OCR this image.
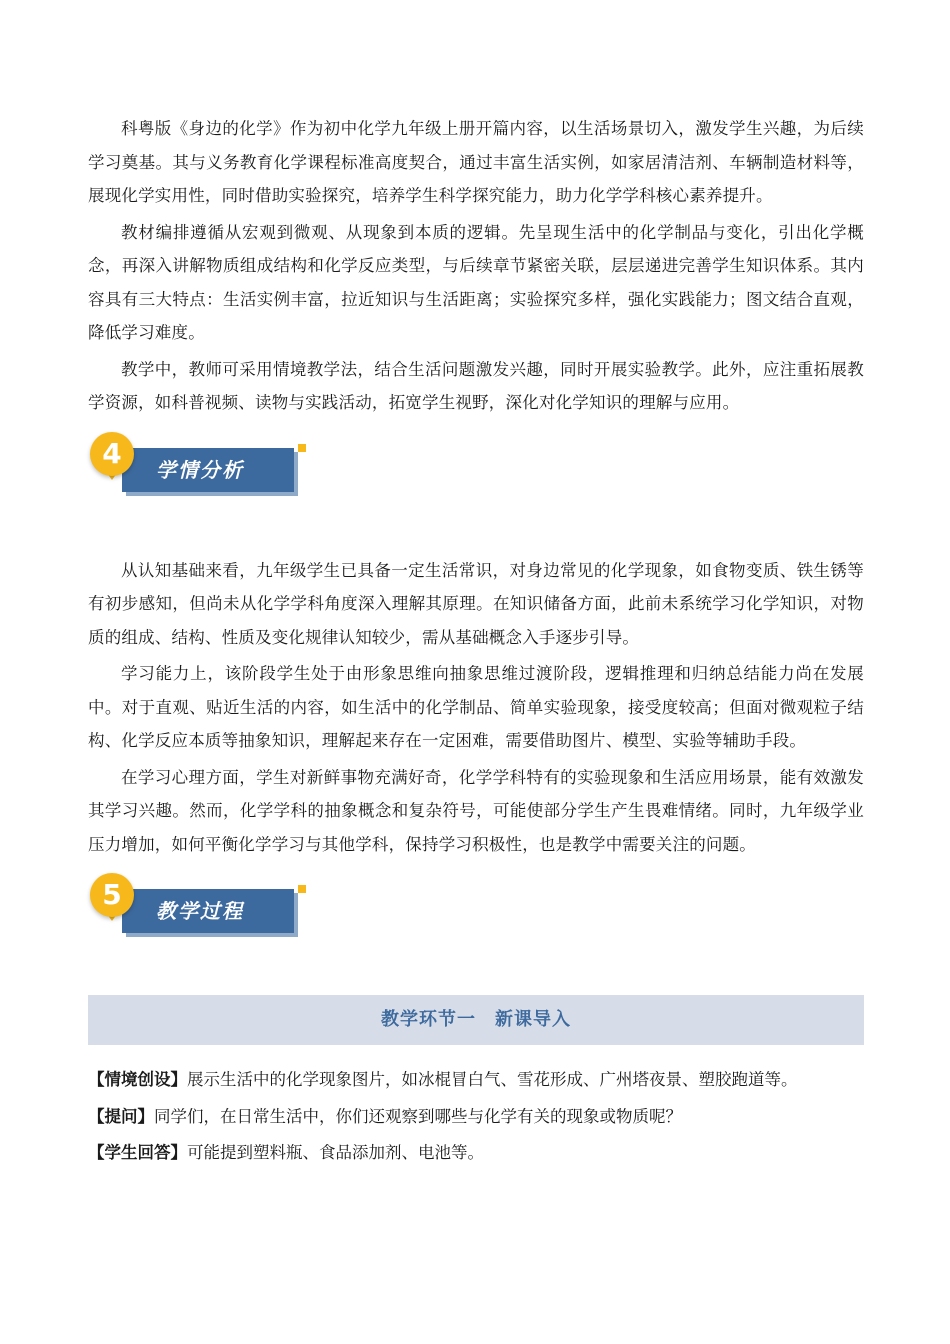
科粤版《身边的化学》作为初中化学九年级上册开篇内容，以生活场景切入，激发学生兴趣，为后续学习奠基。其与义务教育化学课程标准高度契合，通过丰富生活实例，如家居清洁剂、车辆制造材料等，展现化学实用性，同时借助实验探究，培养学生科学探究能力，助力化学学科核心素养提升。

教材编排遵循从宏观到微观、从现象到本质的逻辑。先呈现生活中的化学制品与变化，引出化学概念，再深入讲解物质组成结构和化学反应类型，与后续章节紧密关联，层层递进完善学生知识体系。其内容具有三大特点：生活实例丰富，拉近知识与生活距离；实验探究多样，强化实践能力；图文结合直观，降低学习难度。

教学中，教师可采用情境教学法，结合生活问题激发兴趣，同时开展实验教学。此外，应注重拓展教学资源，如科普视频、读物与实践活动，拓宽学生视野，深化对化学知识的理解与应用。

4	学情分析

从认知基础来看，九年级学生已具备一定生活常识，对身边常见的化学现象，如食物变质、铁生锈等有初步感知，但尚未从化学学科角度深入理解其原理。在知识储备方面，此前未系统学习化学知识，对物质的组成、结构、性质及变化规律认知较少，需从基础概念入手逐步引导。

学习能力上，该阶段学生处于由形象思维向抽象思维过渡阶段，逻辑推理和归纳总结能力尚在发展中。对于直观、贴近生活的内容，如生活中的化学制品、简单实验现象，接受度较高；但面对微观粒子结构、化学反应本质等抽象知识，理解起来存在一定困难，需要借助图片、模型、实验等辅助手段。

在学习心理方面，学生对新鲜事物充满好奇，化学学科特有的实验现象和生活应用场景，能有效激发其学习兴趣。然而，化学学科的抽象概念和复杂符号，可能使部分学生产生畏难情绪。同时，九年级学业压力增加，如何平衡化学学习与其他学科，保持学习积极性，也是教学中需要关注的问题。

5	教学过程
教学环节一　新课导入

【情境创设】展示生活中的化学现象图片，如冰棍冒白气、雪花形成、广州塔夜景、塑胶跑道等。

【提问】同学们，在日常生活中，你们还观察到哪些与化学有关的现象或物质呢？

【学生回答】可能提到塑料瓶、食品添加剂、电池等。
